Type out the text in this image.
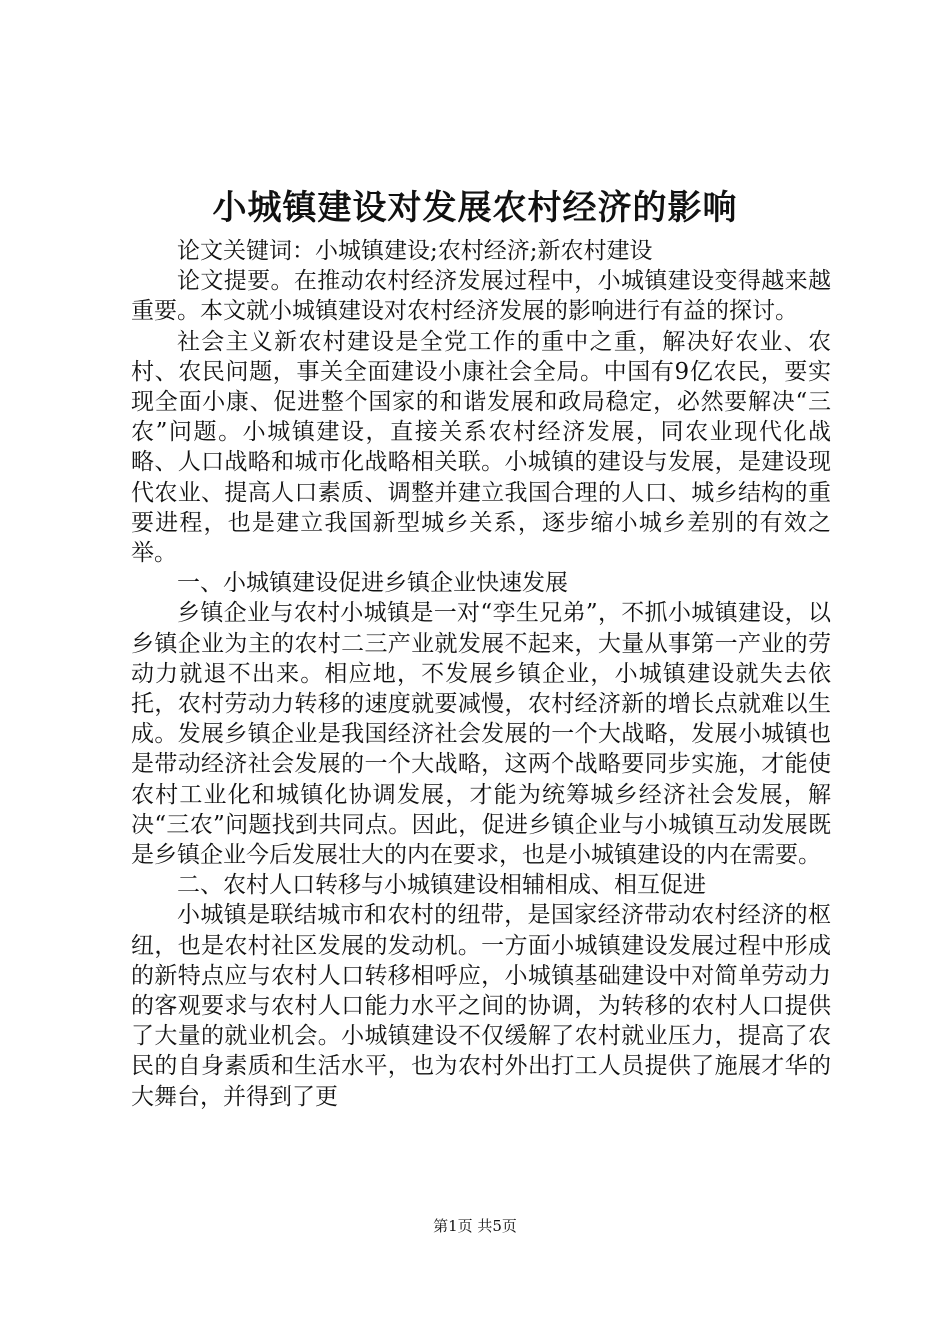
小城镇建设对发展农村经济的影响

论文关键词：小城镇建设;农村经济;新农村建设

论文提要。在推动农村经济发展过程中，小城镇建设变得越来越重要。本文就小城镇建设对农村经济发展的影响进行有益的探讨。

社会主义新农村建设是全党工作的重中之重，解决好农业、农村、农民问题，事关全面建设小康社会全局。中国有9亿农民，要实现全面小康、促进整个国家的和谐发展和政局稳定，必然要解决“三农”问题。小城镇建设，直接关系农村经济发展，同农业现代化战略、人口战略和城市化战略相关联。小城镇的建设与发展，是建设现代农业、提高人口素质、调整并建立我国合理的人口、城乡结构的重要进程，也是建立我国新型城乡关系，逐步缩小城乡差别的有效之举。

一、小城镇建设促进乡镇企业快速发展

乡镇企业与农村小城镇是一对“孪生兄弟”，不抓小城镇建设，以乡镇企业为主的农村二三产业就发展不起来，大量从事第一产业的劳动力就退不出来。相应地，不发展乡镇企业，小城镇建设就失去依托，农村劳动力转移的速度就要减慢，农村经济新的增长点就难以生成。发展乡镇企业是我国经济社会发展的一个大战略，发展小城镇也是带动经济社会发展的一个大战略，这两个战略要同步实施，才能使农村工业化和城镇化协调发展，才能为统筹城乡经济社会发展，解决“三农”问题找到共同点。因此，促进乡镇企业与小城镇互动发展既是乡镇企业今后发展壮大的内在要求，也是小城镇建设的内在需要。

二、农村人口转移与小城镇建设相辅相成、相互促进

小城镇是联结城市和农村的纽带，是国家经济带动农村经济的枢纽，也是农村社区发展的发动机。一方面小城镇建设发展过程中形成的新特点应与农村人口转移相呼应，小城镇基础建设中对简单劳动力的客观要求与农村人口能力水平之间的协调，为转移的农村人口提供了大量的就业机会。小城镇建设不仅缓解了农村就业压力，提高了农民的自身素质和生活水平，也为农村外出打工人员提供了施展才华的大舞台，并得到了更

第1页 共5页
